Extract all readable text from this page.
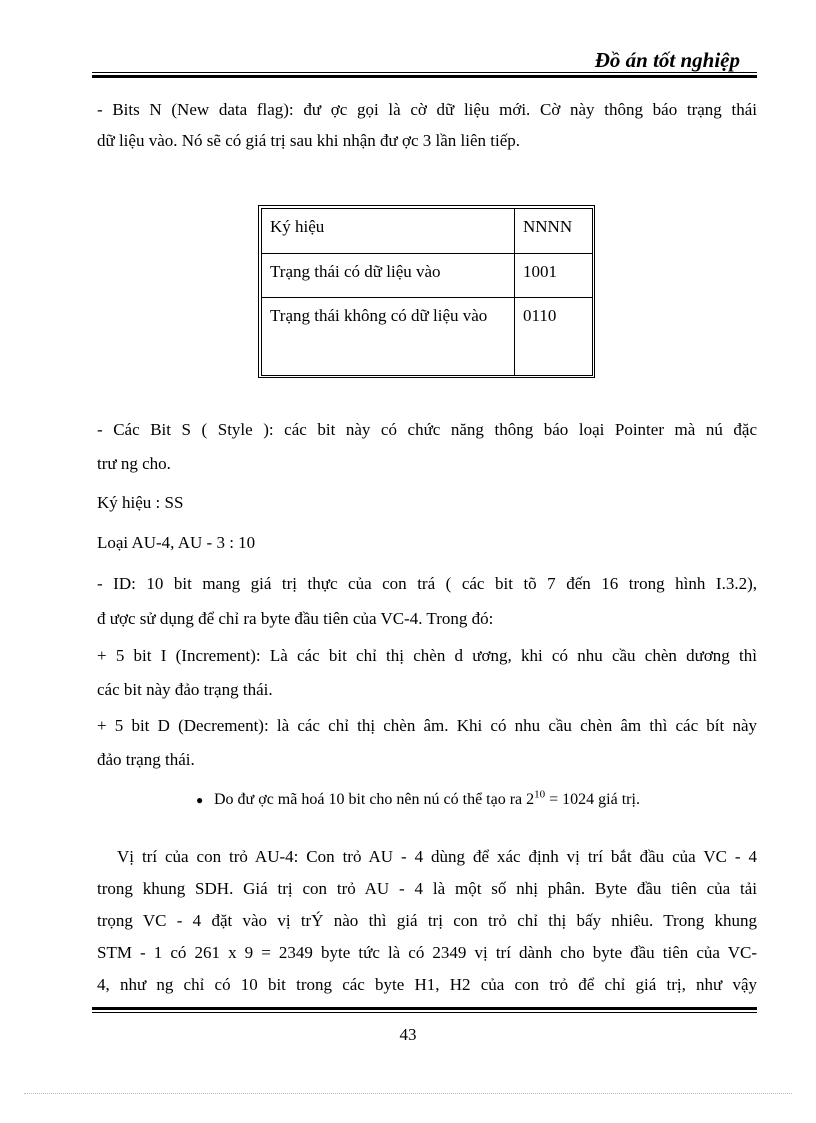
Đồ án tốt nghiệp
- Bits N (New data flag): đư ợc gọi là cờ dữ liệu mới. Cờ này thông báo trạng thái
dữ liệu vào. Nó sẽ có giá trị sau khi nhận đư ợc 3 lần liên tiếp.
Ký hiệu	NNNN
Trạng thái có dữ liệu vào	1001
Trạng thái không có dữ liệu vào	0110
- Các Bit S ( Style ): các bit này có chức năng thông báo loại Pointer mà nú đặc
trư ng cho.
Ký hiệu : SS
Loại AU-4, AU - 3 : 10
- ID: 10 bit mang giá trị thực của con trá ( các bit tõ 7 đến 16 trong hình I.3.2),
đ ược sử dụng để chỉ ra byte đầu tiên của VC-4. Trong đó:
+ 5 bit I (Increment): Là các bit chỉ thị chèn d ương, khi có nhu cầu chèn dương thì
các bit này đảo trạng thái.
+ 5 bit D (Decrement): là các chỉ thị chèn âm. Khi có nhu cầu chèn âm thì các bít này
đảo trạng thái.
● Do đư ợc mã hoá 10 bit cho nên nú có thể tạo ra $2^{10} = 1024$ giá trị.
Vị trí của con trỏ AU-4: Con trỏ AU - 4 dùng để xác định vị trí bắt đầu của VC - 4
trong khung SDH. Giá trị con trỏ AU - 4 là một số nhị phân. Byte đầu tiên của tải
trọng VC - 4 đặt vào vị trÝ nào thì giá trị con trỏ chỉ thị bấy nhiêu. Trong khung
STM - 1 có 261 x 9 = 2349 byte tức là có 2349 vị trí dành cho byte đầu tiên của VC-
4, như ng chỉ có 10 bit trong các byte H1, H2 của con trỏ để chỉ giá trị, như vậy
43
